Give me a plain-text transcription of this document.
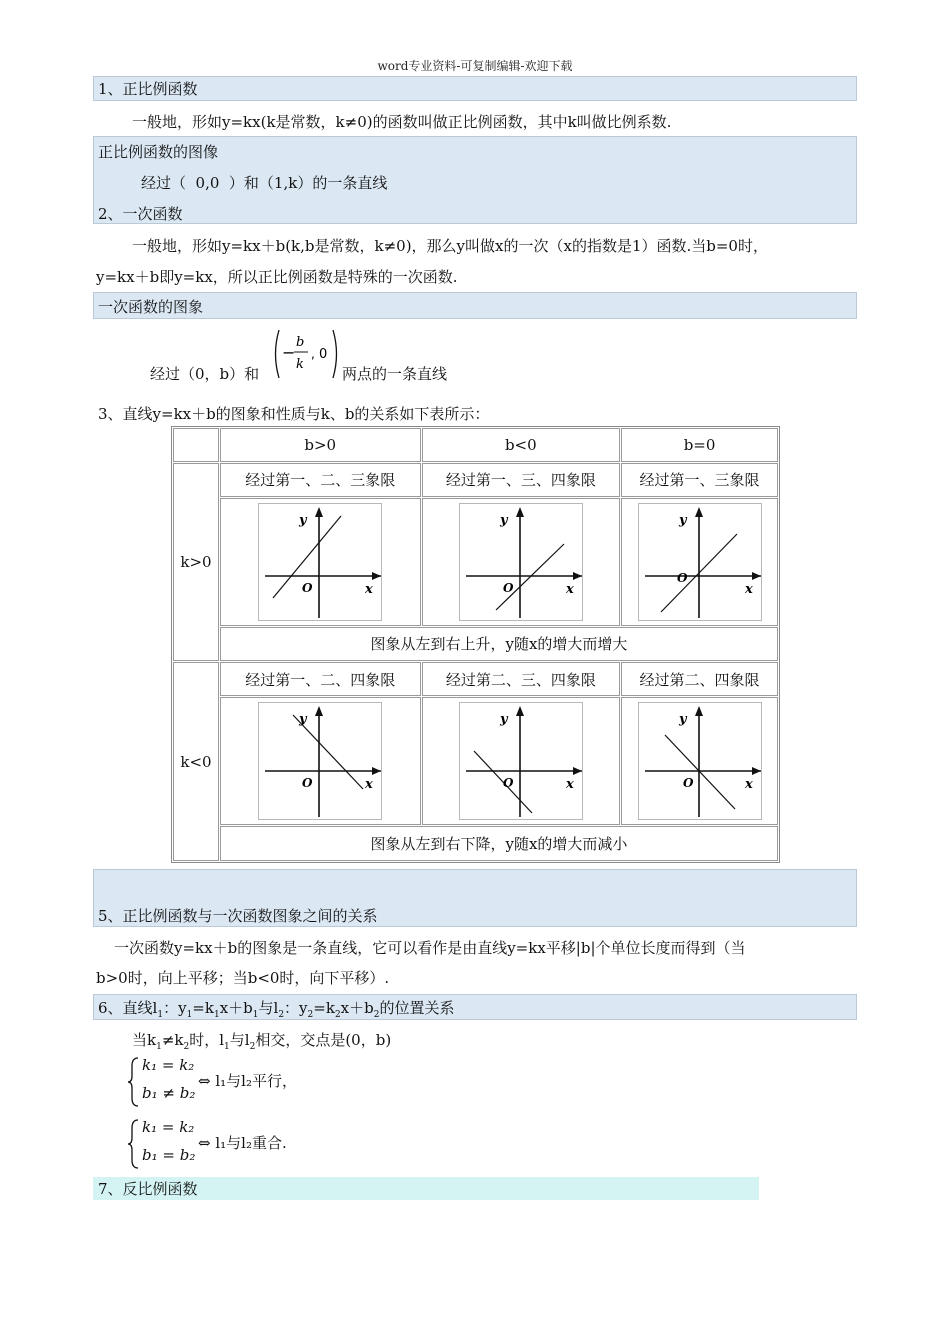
word专业资料-可复制编辑-欢迎下载
1、正比例函数
一般地，形如y=kx(k是常数，k≠0)的函数叫做正比例函数，其中k叫做比例系数.
正比例函数的图像
经过（  0,0  ）和（1,k）的一条直线
2、一次函数
一般地，形如y=kx＋b(k,b是常数，k≠0)，那么y叫做x的一次（x的指数是1）函数.当b=0时，
y=kx＋b即y=kx，所以正比例函数是特殊的一次函数.
一次函数的图象
经过（0，b）和
−
b
k
, 0
两点的一条直线
3、直线y=kx＋b的图象和性质与k、b的关系如下表所示：
	b>0	b<0	b=0
k>0	经过第一、二、三象限	经过第一、三、四象限	经过第一、三象限

y
x
O	y
x
O	y
x
O

	图象从左到右上升，y随x的增大而增大		
k<0	经过第一、二、四象限	经过第二、三、四象限	经过第二、四象限

y
x
O	y
x
O	y
x
O

	图象从左到右下降，y随x的增大而减小		
5、正比例函数与一次函数图象之间的关系
一次函数y=kx＋b的图象是一条直线，它可以看作是由直线y=kx平移|b|个单位长度而得到（当
b>0时，向上平移；当b<0时，向下平移）.
6、直线$l_1$：$y_1=k_1x+b_1$与$l_2$：$y_2=k_2x+b_2$的位置关系
当$k_1\ne k_2$时，$l_1$与$l_2$相交，交点是(0，b)
k₁ = k₂
b₁ ≠ b₂
⇔ l₁与l₂平行，
k₁ = k₂
b₁ = b₂
⇔ l₁与l₂重合.
7、反比例函数
